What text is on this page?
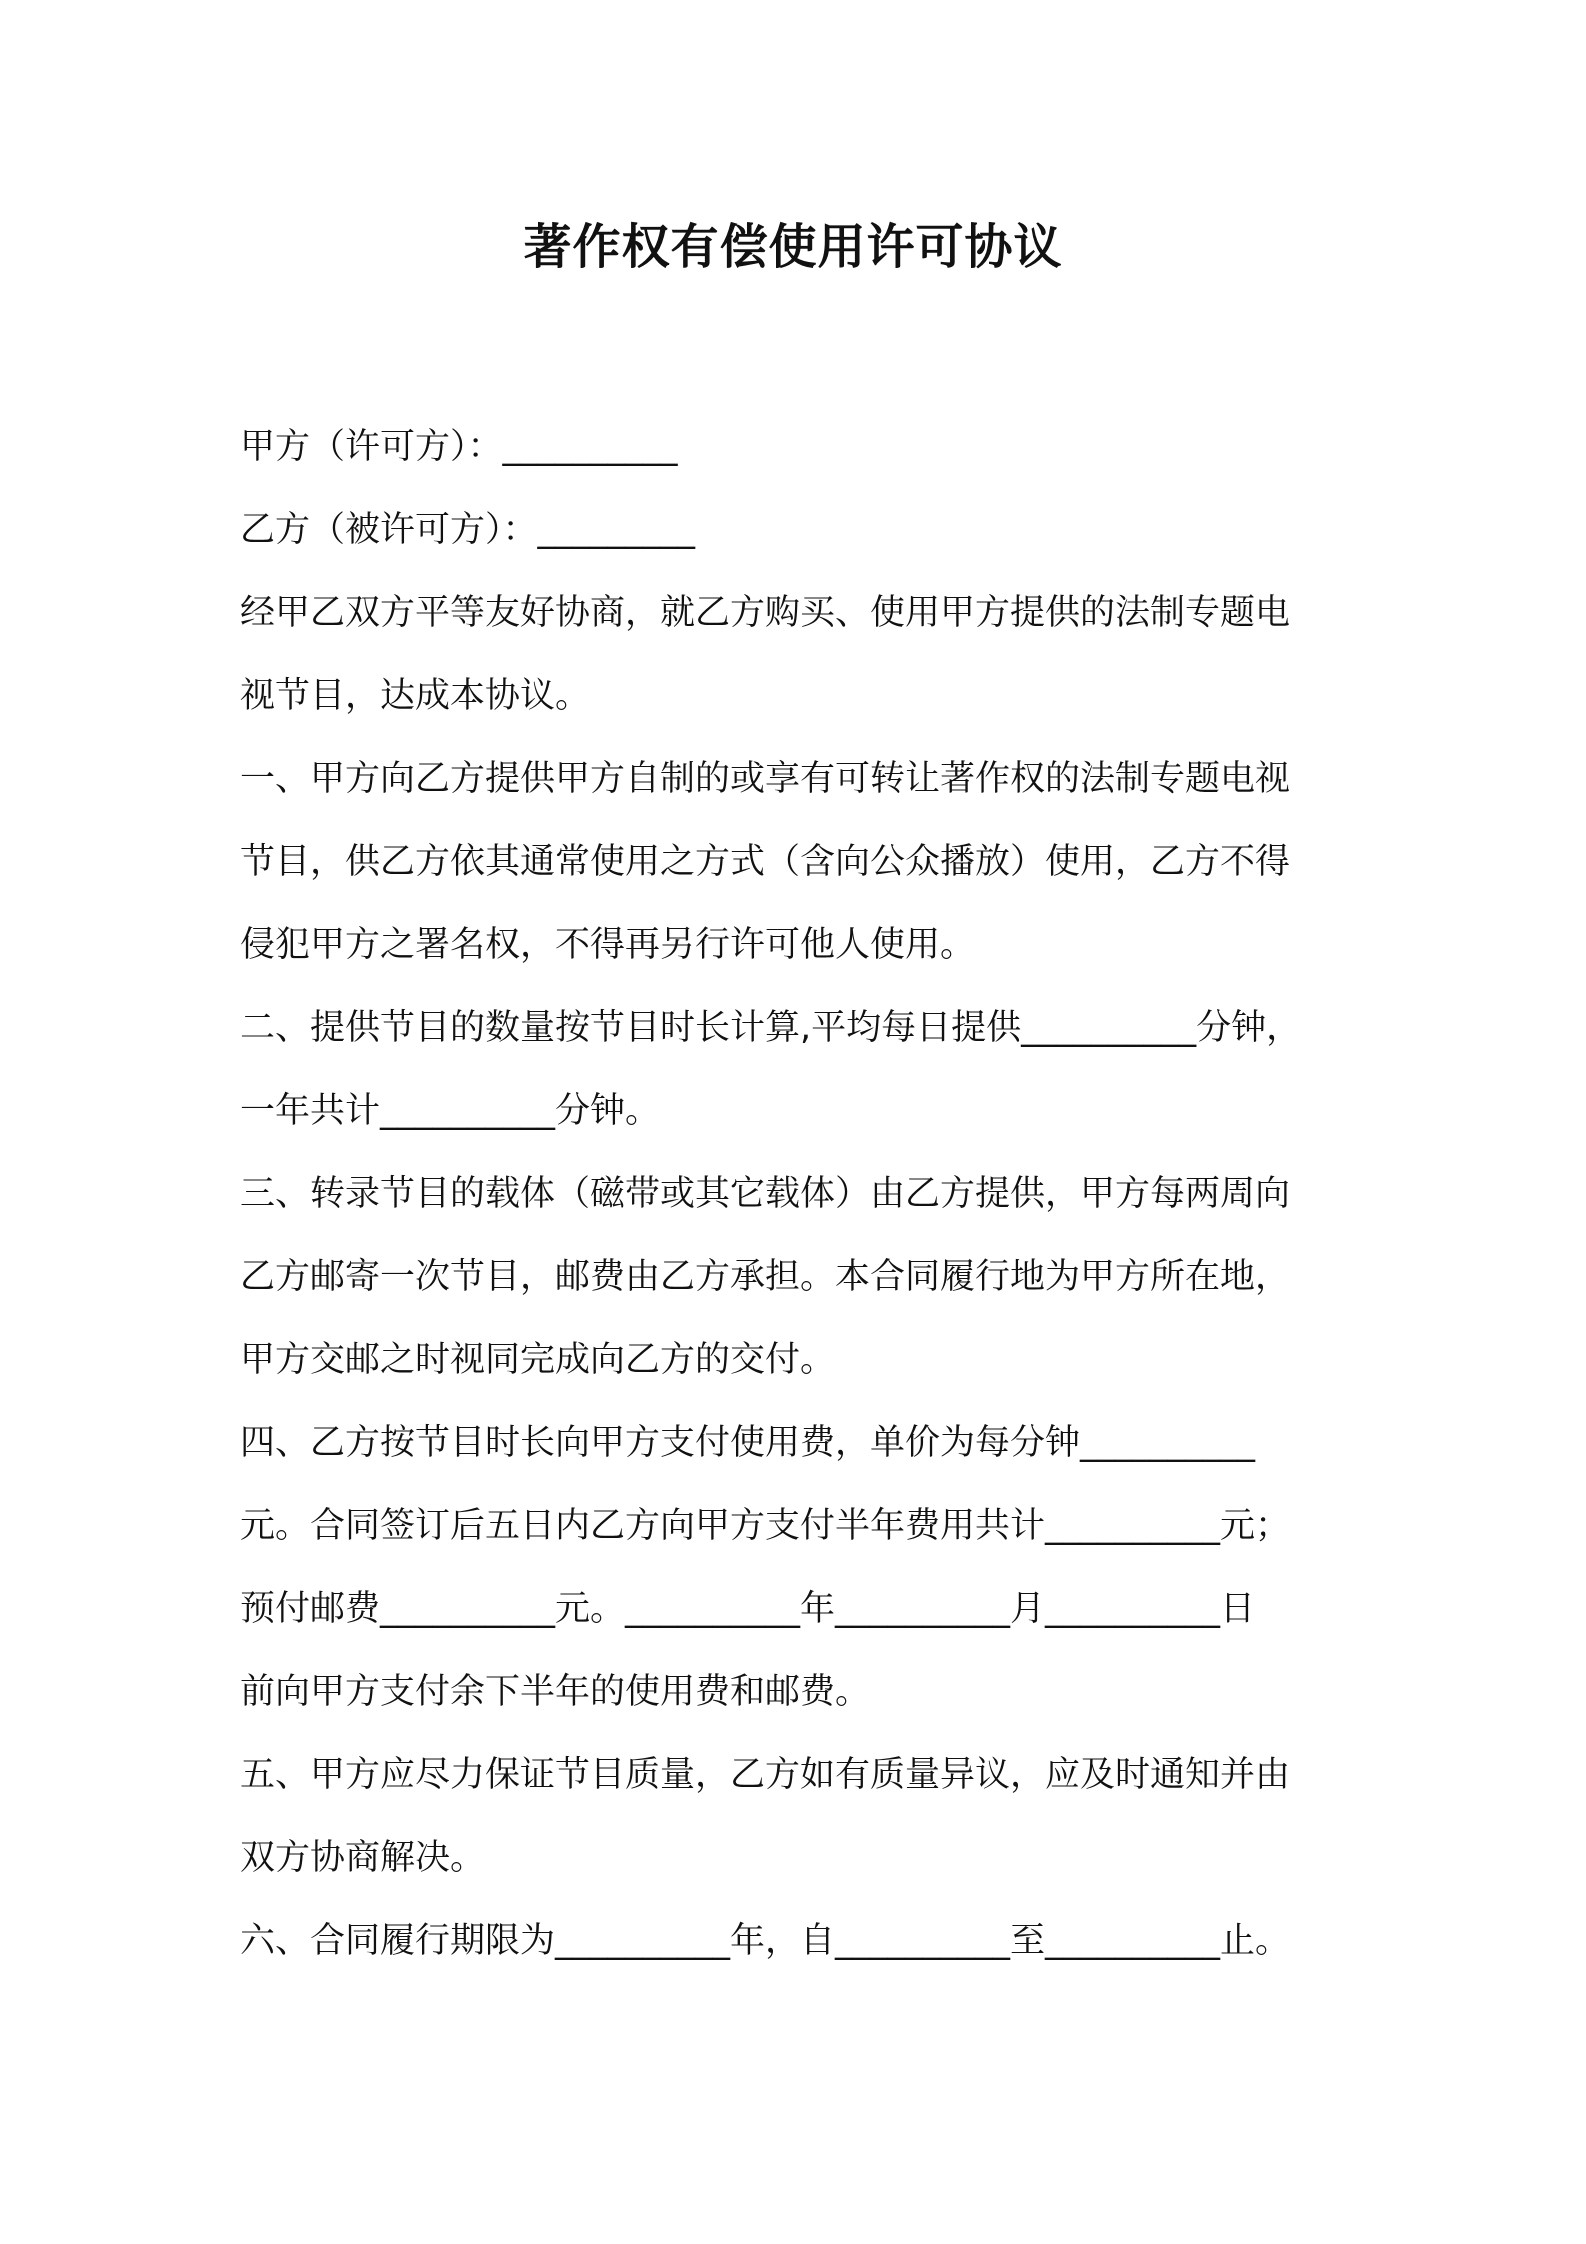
著作权有偿使用许可协议
甲方（许可方）：__________
乙方（被许可方）：_________
经甲乙双方平等友好协商，就乙方购买、使用甲方提供的法制专题电
视节目，达成本协议。
一、甲方向乙方提供甲方自制的或享有可转让著作权的法制专题电视
节目，供乙方依其通常使用之方式（含向公众播放）使用，乙方不得
侵犯甲方之署名权，不得再另行许可他人使用。
二、提供节目的数量按节目时长计算,平均每日提供__________分钟，
一年共计__________分钟。
三、转录节目的载体（磁带或其它载体）由乙方提供，甲方每两周向
乙方邮寄一次节目，邮费由乙方承担。本合同履行地为甲方所在地，
甲方交邮之时视同完成向乙方的交付。
四、乙方按节目时长向甲方支付使用费，单价为每分钟__________
元。合同签订后五日内乙方向甲方支付半年费用共计__________元；
预付邮费__________元。__________年__________月__________日
前向甲方支付余下半年的使用费和邮费。
五、甲方应尽力保证节目质量，乙方如有质量异议，应及时通知并由
双方协商解决。
六、合同履行期限为__________年，自__________至__________止。
